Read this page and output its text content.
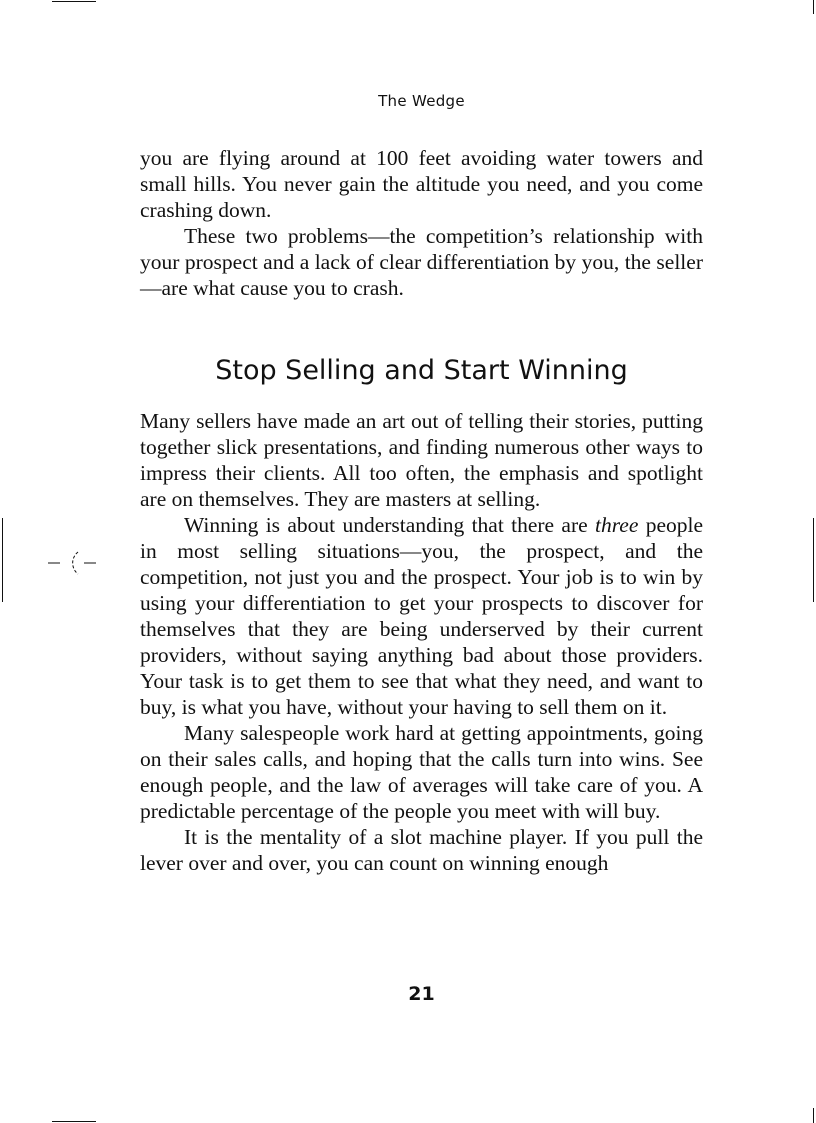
The Wedge

you are flying around at 100 feet avoiding water towers and small hills. You never gain the altitude you need, and you come crashing down.

These two problems—the competition’s relationship with your prospect and a lack of clear differentiation by you, the seller—are what cause you to crash.

Stop Selling and Start Winning

Many sellers have made an art out of telling their stories, putting together slick presentations, and finding numerous other ways to impress their clients. All too often, the emphasis and spotlight are on themselves. They are masters at selling.

Winning is about understanding that there are three people in most selling situations—you, the prospect, and the competition, not just you and the prospect. Your job is to win by using your differentiation to get your prospects to discover for themselves that they are being underserved by their current providers, without saying anything bad about those providers. Your task is to get them to see that what they need, and want to buy, is what you have, without your having to sell them on it.

Many salespeople work hard at getting appointments, going on their sales calls, and hoping that the calls turn into wins. See enough people, and the law of averages will take care of you. A predictable percentage of the people you meet with will buy.

It is the mentality of a slot machine player. If you pull the lever over and over, you can count on winning enough

21
